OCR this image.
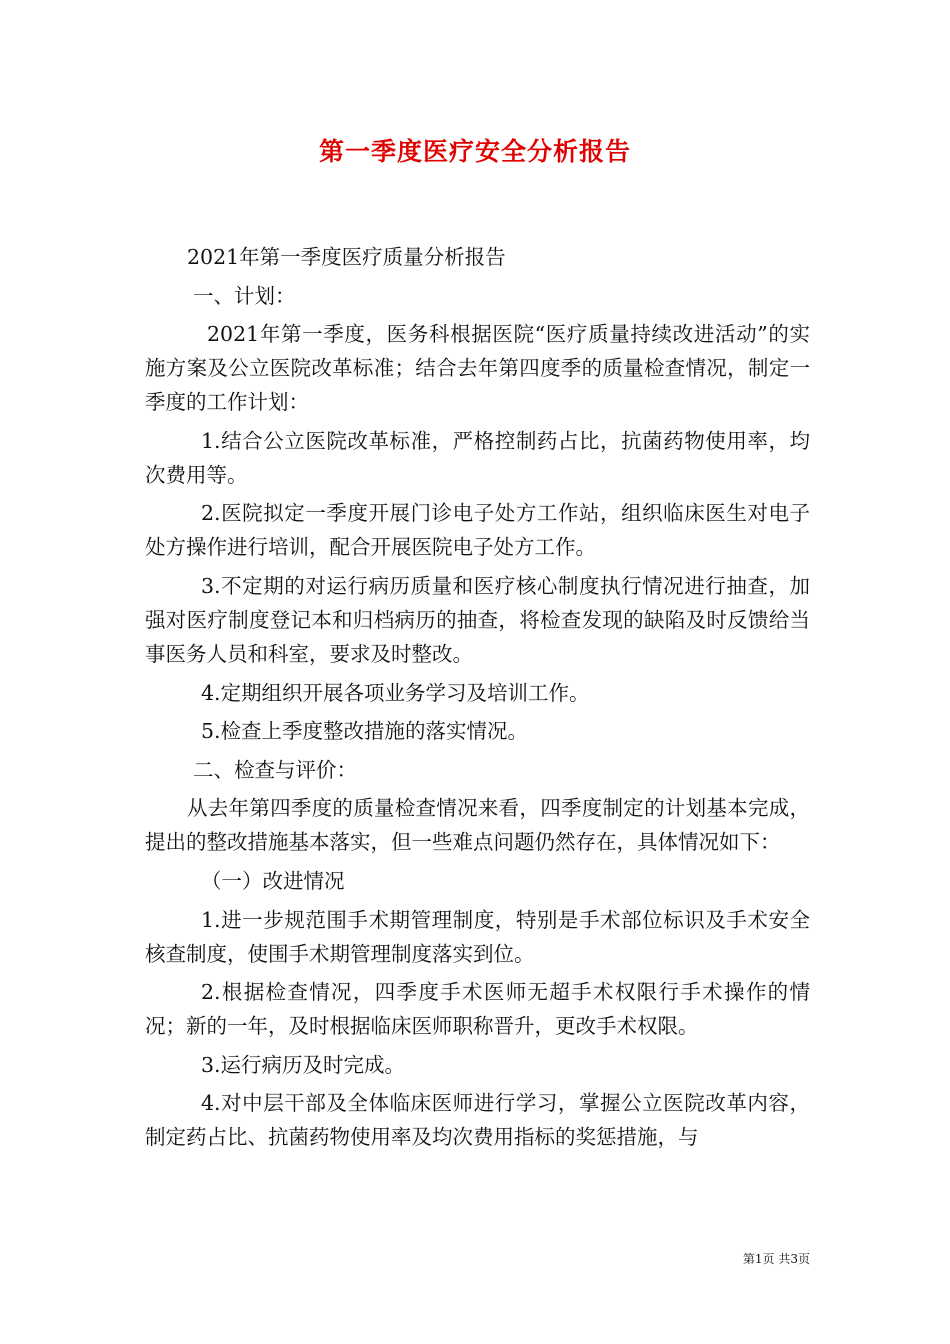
第一季度医疗安全分析报告

2021年第一季度医疗质量分析报告

一、计划：

2021年第一季度，医务科根据医院“医疗质量持续改进活动”的实施方案及公立医院改革标准；结合去年第四度季的质量检查情况，制定一季度的工作计划：

1.结合公立医院改革标准，严格控制药占比，抗菌药物使用率，均次费用等。

2.医院拟定一季度开展门诊电子处方工作站，组织临床医生对电子处方操作进行培训，配合开展医院电子处方工作。

3.不定期的对运行病历质量和医疗核心制度执行情况进行抽查，加强对医疗制度登记本和归档病历的抽查，将检查发现的缺陷及时反馈给当事医务人员和科室，要求及时整改。

4.定期组织开展各项业务学习及培训工作。

5.检查上季度整改措施的落实情况。

二、检查与评价：

从去年第四季度的质量检查情况来看，四季度制定的计划基本完成，提出的整改措施基本落实，但一些难点问题仍然存在，具体情况如下：

（一）改进情况

1.进一步规范围手术期管理制度，特别是手术部位标识及手术安全核查制度，使围手术期管理制度落实到位。

2.根据检查情况，四季度手术医师无超手术权限行手术操作的情况；新的一年，及时根据临床医师职称晋升，更改手术权限。

3.运行病历及时完成。

4.对中层干部及全体临床医师进行学习，掌握公立医院改革内容，制定药占比、抗菌药物使用率及均次费用指标的奖惩措施，与

第1页 共3页
